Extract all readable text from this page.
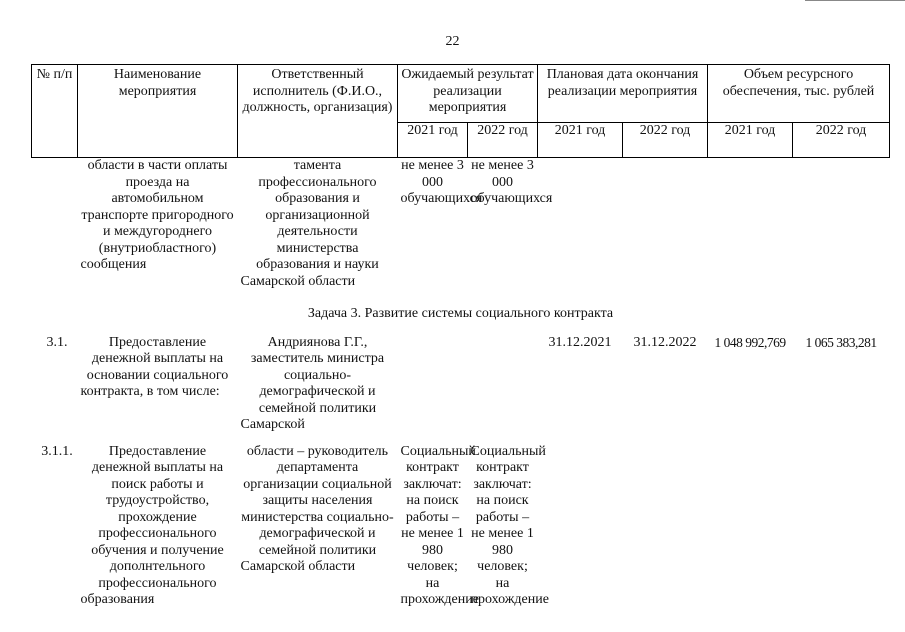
22
№ п/п	Наименование мероприятия	Ответственный исполнитель (Ф.И.О., должность, организация)	Ожидаемый результат реализации мероприятия		Плановая дата окончания реализации мероприятия		Объем ресурсного обеспечения, тыс. рублей	
			2021 год	2022 год	2021 год	2022 год	2021 год	2022 год
	области в части оплаты проезда на автомобильном транспорте пригородного и междугороднего (внутриобластного) сообщения	тамента профессионального образования и организационной деятельности министерства образования и науки Самарской области	не менее 3 000 обучающихся	не менее 3 000 обучающихся				
Задача 3. Развитие системы социального контракта								
3.1.	Предоставление денежной выплаты на основании социального контракта, в том числе:	Андриянова Г.Г., заместитель министра социально-демографической и семейной политики Самарской			31.12.2021	31.12.2022	1 048 992,769	1 065 383,281
3.1.1.	Предоставление денежной выплаты на поиск работы и трудоустройство, прохождение профессионального обучения и получение дополнтельного профессионального образования	области – руководитель департамента организации социальной защиты населения министерства социально-демографической и семейной политики Самарской области	Социальный контракт заключат: на поиск работы – не менее 1 980 человек; на прохождение	Социальный контракт заключат: на поиск работы – не менее 1 980 человек; на прохождение				
